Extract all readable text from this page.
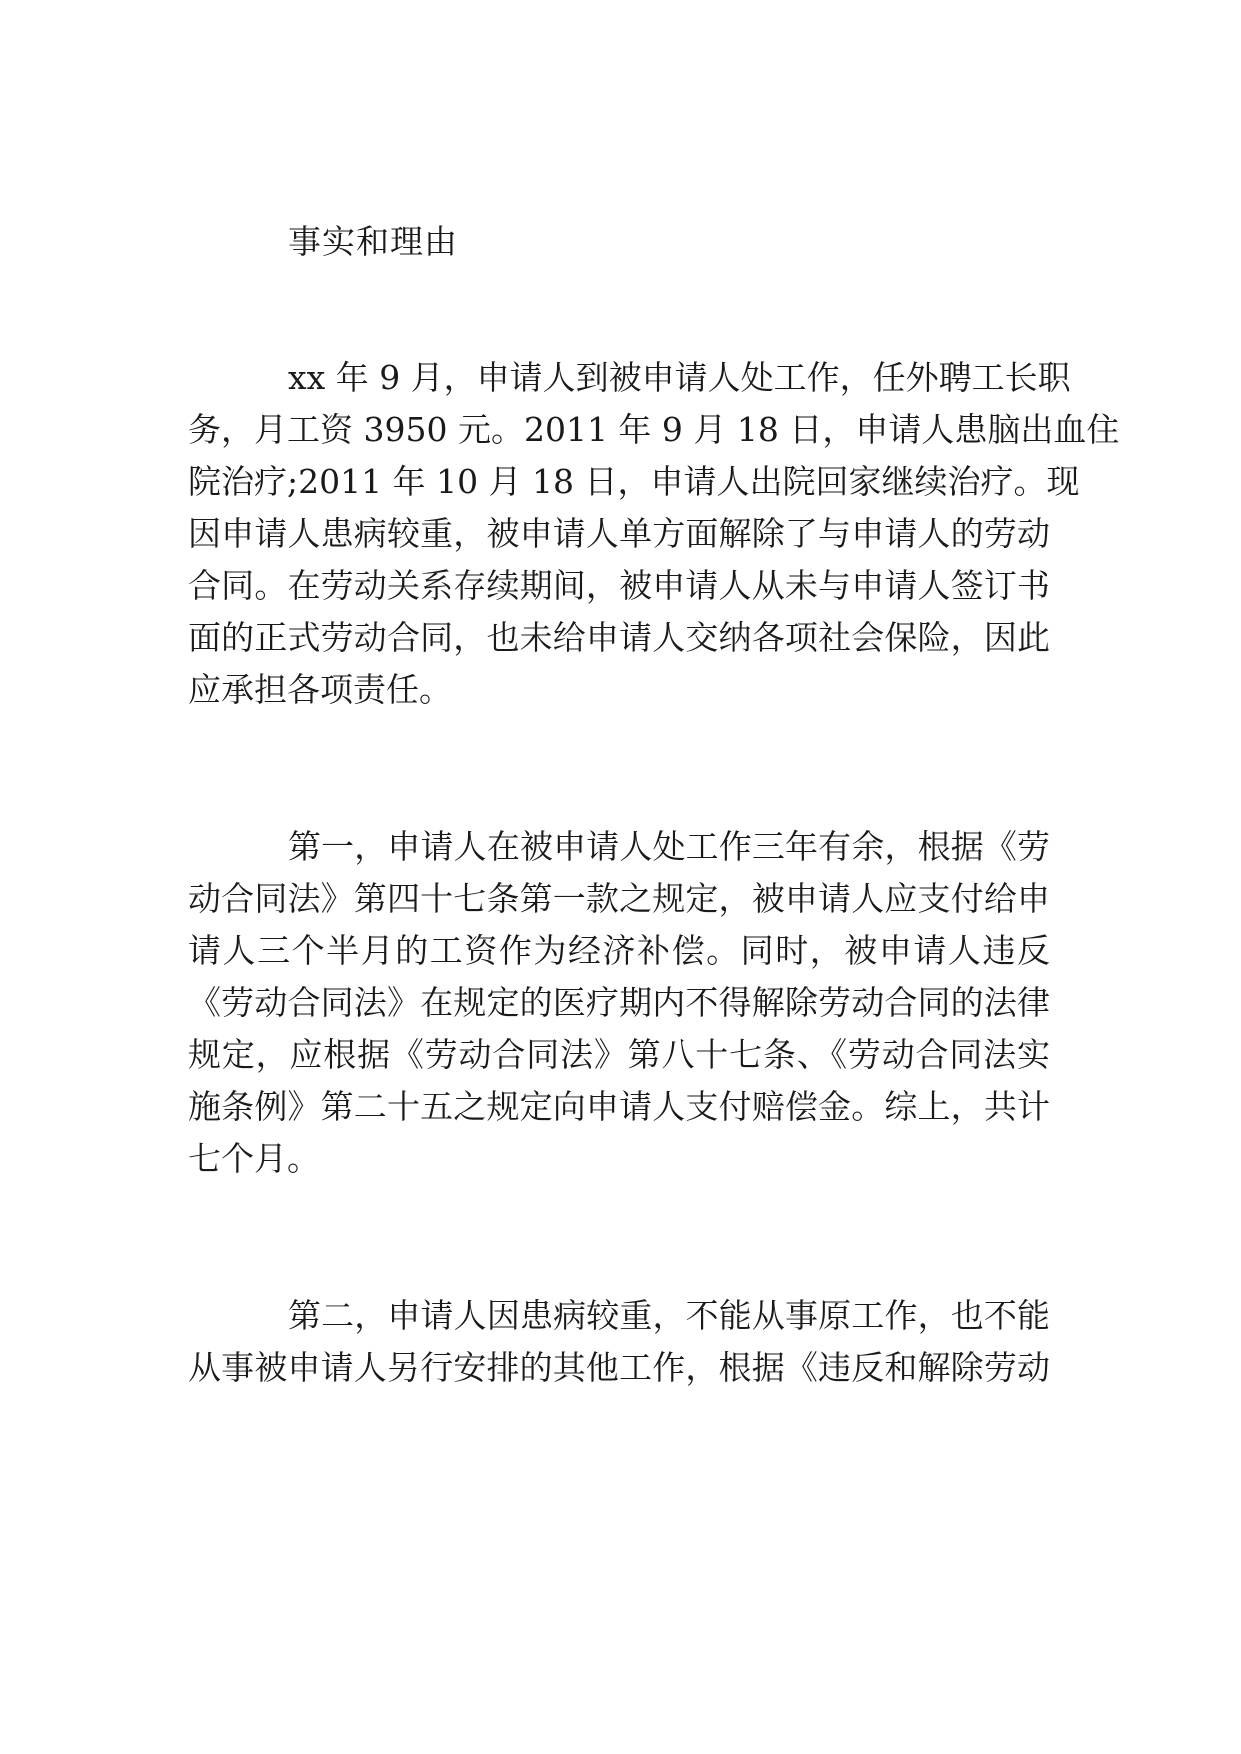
事实和理由

xx 年 9 月，申请人到被申请人处工作，任外聘工长职

务，月工资 3950 元。2011 年 9 月 18 日，申请人患脑出血住

院治疗;2011 年 10 月 18 日，申请人出院回家继续治疗。现

因申请人患病较重，被申请人单方面解除了与申请人的劳动

合同。在劳动关系存续期间，被申请人从未与申请人签订书

面的正式劳动合同，也未给申请人交纳各项社会保险，因此

应承担各项责任。

第一，申请人在被申请人处工作三年有余，根据《劳

动合同法》第四十七条第一款之规定，被申请人应支付给申

请人三个半月的工资作为经济补偿。同时，被申请人违反

《劳动合同法》在规定的医疗期内不得解除劳动合同的法律

规定，应根据《劳动合同法》第八十七条、《劳动合同法实

施条例》第二十五之规定向申请人支付赔偿金。综上，共计

七个月。

第二，申请人因患病较重，不能从事原工作，也不能

从事被申请人另行安排的其他工作，根据《违反和解除劳动
